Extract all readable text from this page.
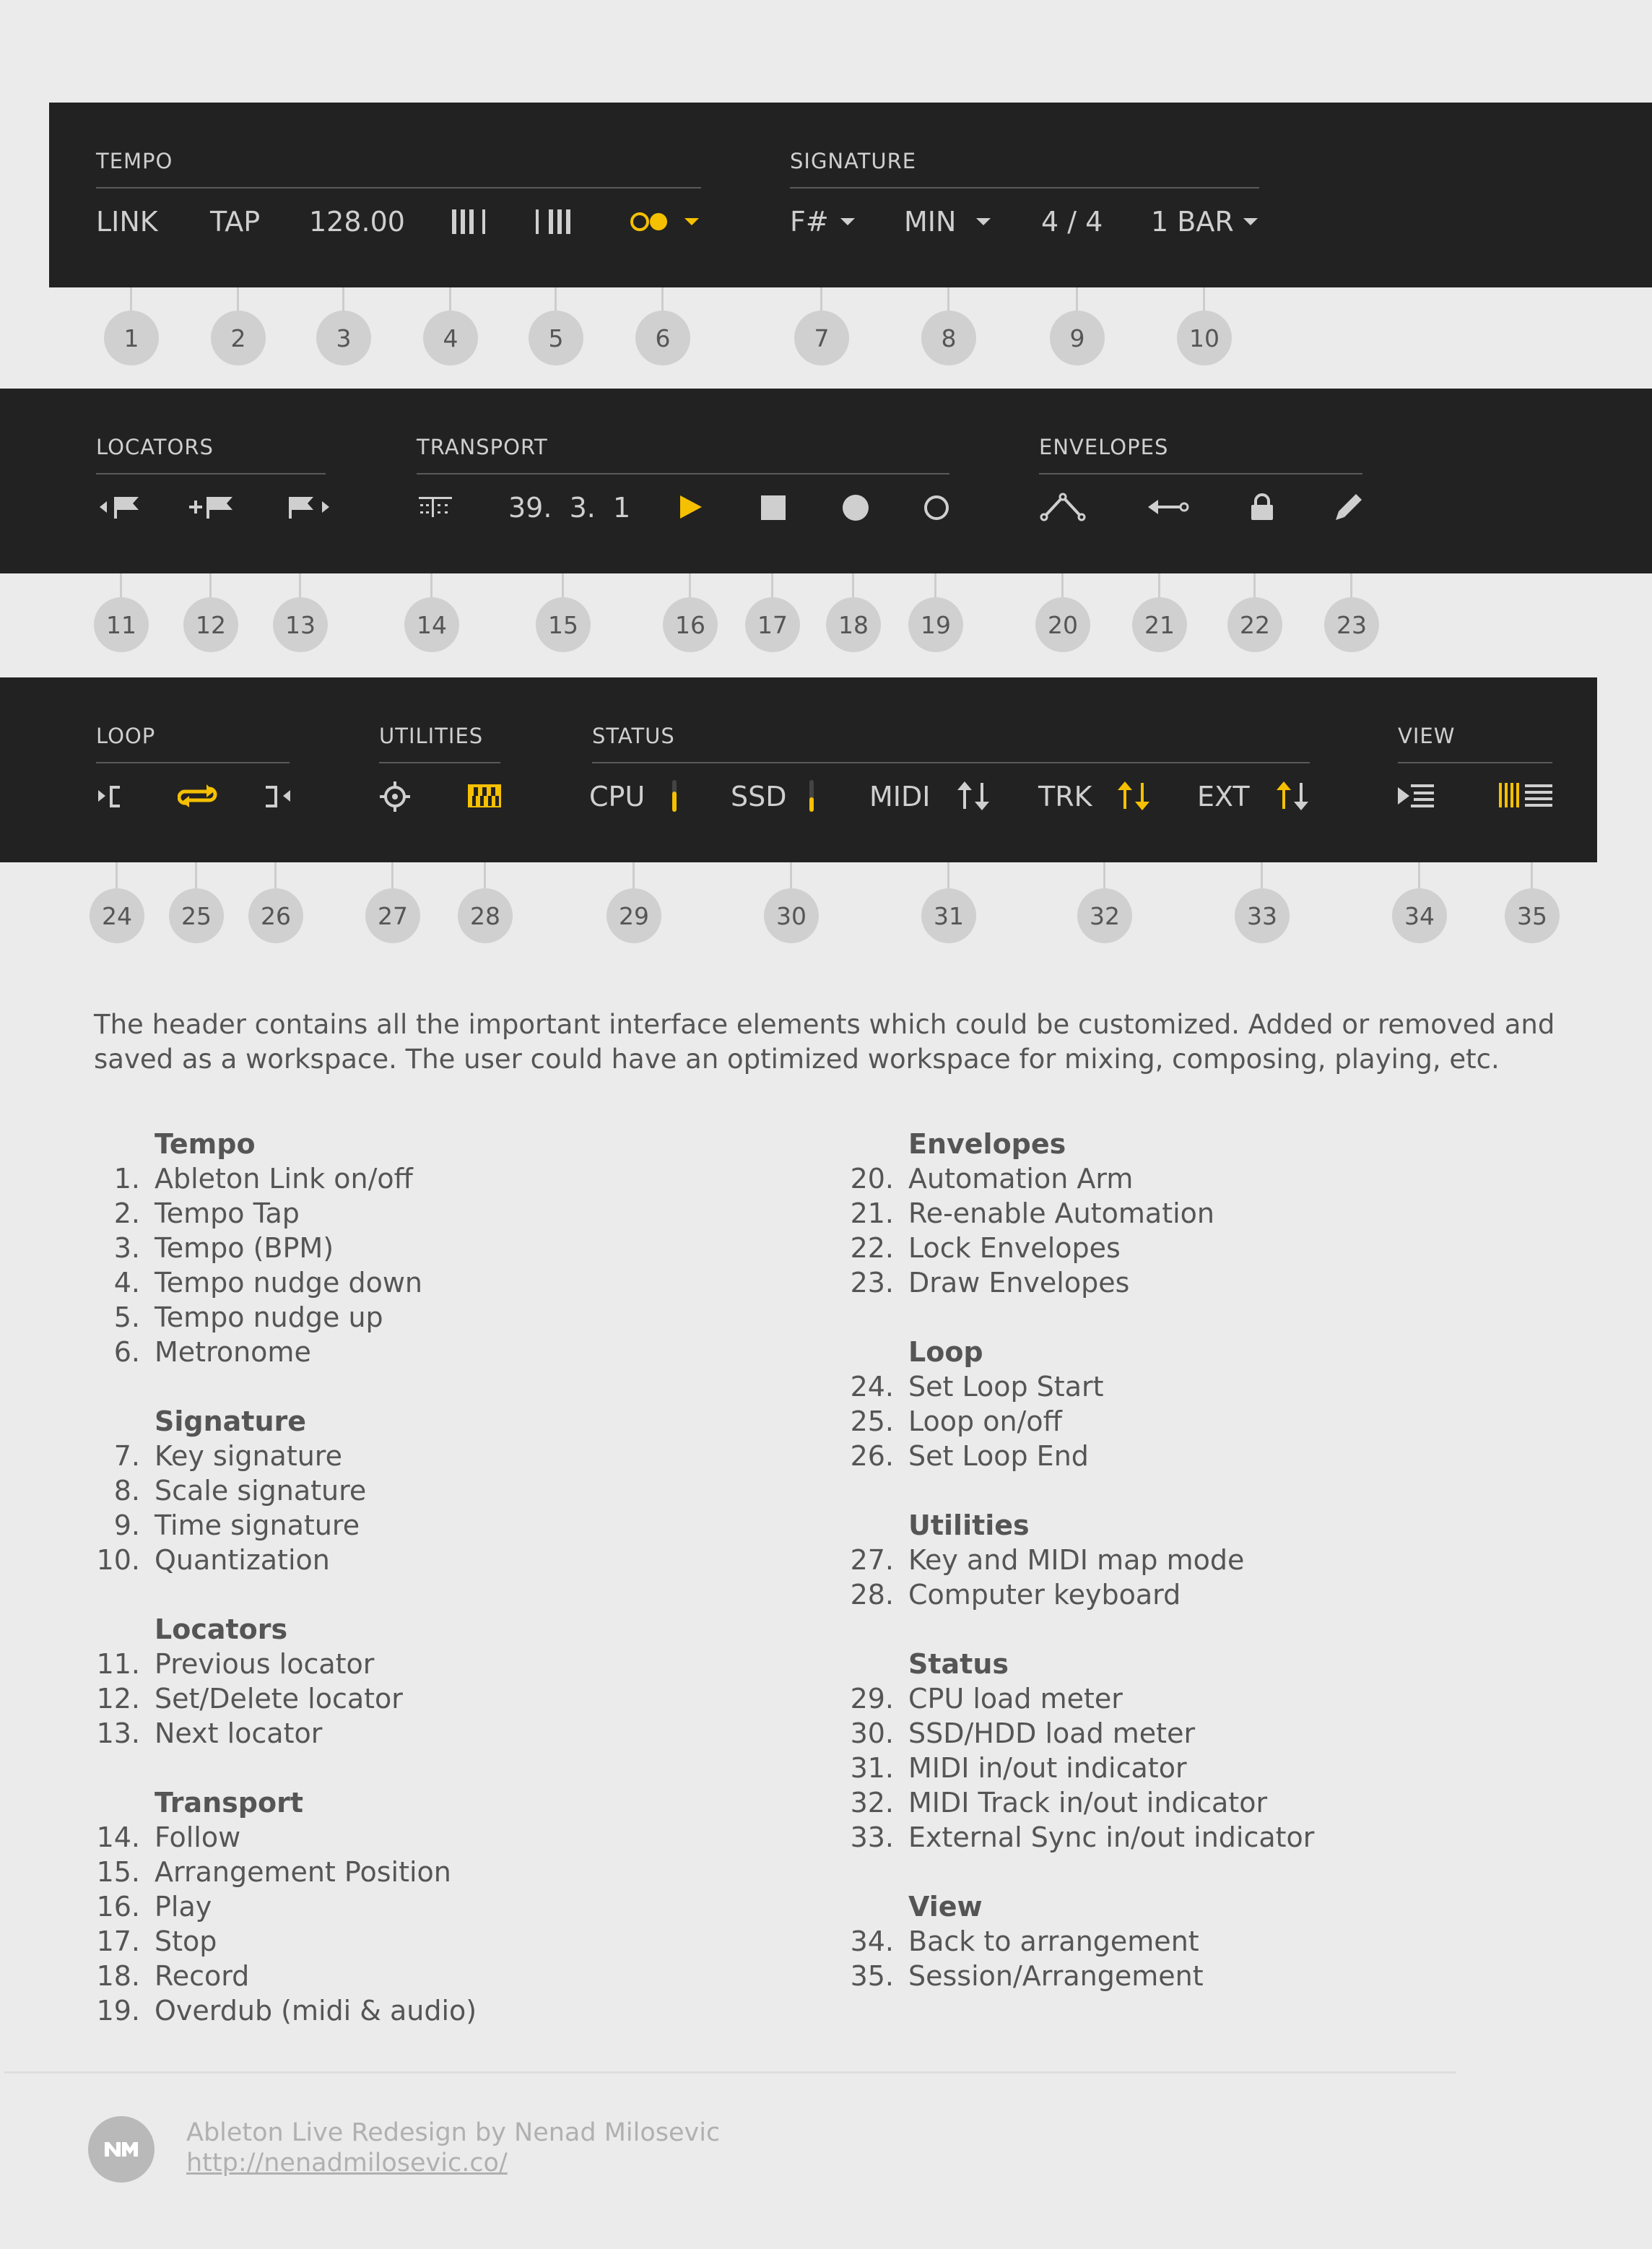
TEMPO
LINK TAP 128.00
SIGNATURE
F#	MIN	4 / 4 1 BAR
1	2	3	4	5	6	7	8	9	10
LOCATORS	TRANSPORT
39.  3.  1
ENVELOPES
11	12	13	14	15	16	17	18	19	20	21	22	23
LOOP	UTILITIES	STATUS
CPU	SSD	MIDI	TRK	EXT
VIEW
24	25	26	27	28	29	30	31	32	33	34	35
The header contains all the important interface elements which could be customized. Added or removed and saved as a workspace. The user could have an optimized workspace for mixing, composing, playing, etc.
Tempo
1. Ableton Link on/off
2. Tempo Tap
3. Tempo (BPM)
4. Tempo nudge down
5. Tempo nudge up
6. Metronome
Signature
7. Key signature
8. Scale signature
9. Time signature
10. Quantization
Locators
11. Previous locator
12. Set/Delete locator
13. Next locator
Transport
14. Follow
15. Arrangement Position
16. Play
17. Stop
18. Record
19. Overdub (midi & audio)
Envelopes
20. Automation Arm
21. Re-enable Automation
22. Lock Envelopes
23. Draw Envelopes
Loop
24. Set Loop Start
25. Loop on/off
26. Set Loop End
Utilities
27. Key and MIDI map mode
28. Computer keyboard
Status
29. CPU load meter
30. SSD/HDD load meter
31. MIDI in/out indicator
32. MIDI Track in/out indicator
33. External Sync in/out indicator
View
34. Back to arrangement
35. Session/Arrangement
Ableton Live Redesign by Nenad Milosevic
http://nenadmilosevic.co/
